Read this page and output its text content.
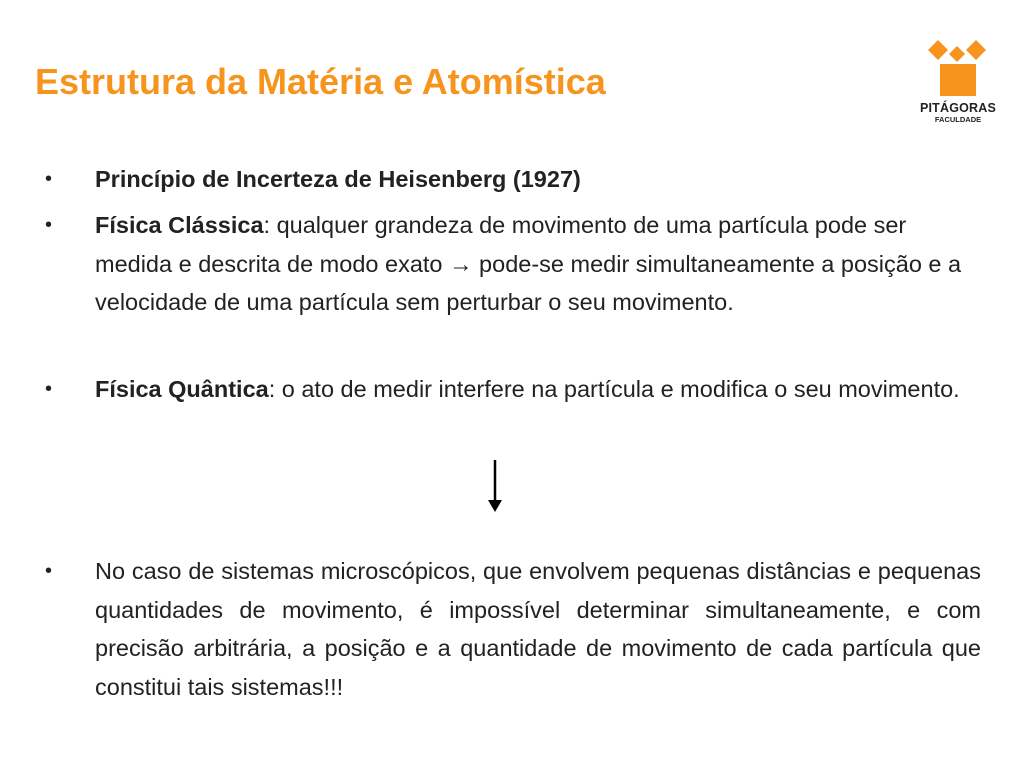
Estrutura da Matéria e Atomística
PITÁGORAS
FACULDADE
• Princípio de Incerteza de Heisenberg (1927)
• Física Clássica: qualquer grandeza de movimento de uma partícula pode ser medida e descrita de modo exato → pode-se medir simultaneamente a posição e a velocidade de uma partícula sem perturbar o seu movimento.
• Física Quântica: o ato de medir interfere na partícula e modifica o seu movimento.
• No caso de sistemas microscópicos, que envolvem pequenas distâncias e pequenas quantidades de movimento, é impossível determinar simultaneamente, e com precisão arbitrária, a posição e a quantidade de movimento de cada partícula que constitui tais sistemas!!!
